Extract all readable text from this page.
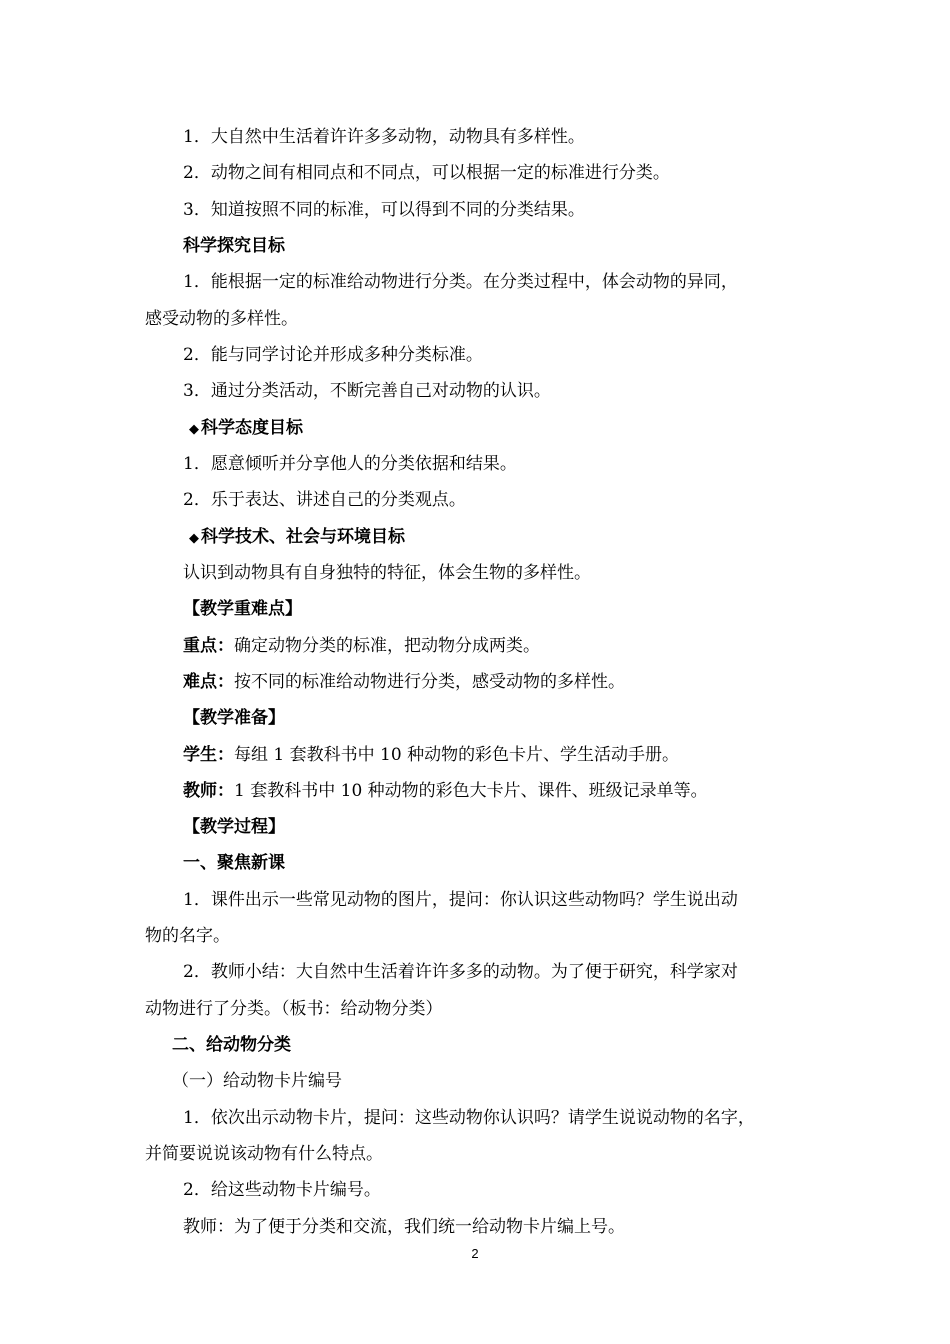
1．大自然中生活着许许多多动物，动物具有多样性。
2．动物之间有相同点和不同点，可以根据一定的标准进行分类。
3．知道按照不同的标准，可以得到不同的分类结果。
科学探究目标
1．能根据一定的标准给动物进行分类。在分类过程中，体会动物的异同，
感受动物的多样性。
2．能与同学讨论并形成多种分类标准。
3．通过分类活动，不断完善自己对动物的认识。
◆ 科学态度目标
1．愿意倾听并分享他人的分类依据和结果。
2．乐于表达、讲述自己的分类观点。
◆ 科学技术、社会与环境目标
认识到动物具有自身独特的特征，体会生物的多样性。
【教学重难点】
重点：确定动物分类的标准，把动物分成两类。
难点：按不同的标准给动物进行分类，感受动物的多样性。
【教学准备】
学生：每组 1 套教科书中 10 种动物的彩色卡片、学生活动手册。
教师：1 套教科书中 10 种动物的彩色大卡片、课件、班级记录单等。
【教学过程】
一、聚焦新课
1．课件出示一些常见动物的图片，提问：你认识这些动物吗？学生说出动
物的名字。
2．教师小结：大自然中生活着许许多多的动物。为了便于研究，科学家对
动物进行了分类。（板书：给动物分类）
二、给动物分类
（一）给动物卡片编号
1．依次出示动物卡片，提问：这些动物你认识吗？请学生说说动物的名字，
并简要说说该动物有什么特点。
2．给这些动物卡片编号。
教师：为了便于分类和交流，我们统一给动物卡片编上号。
2
